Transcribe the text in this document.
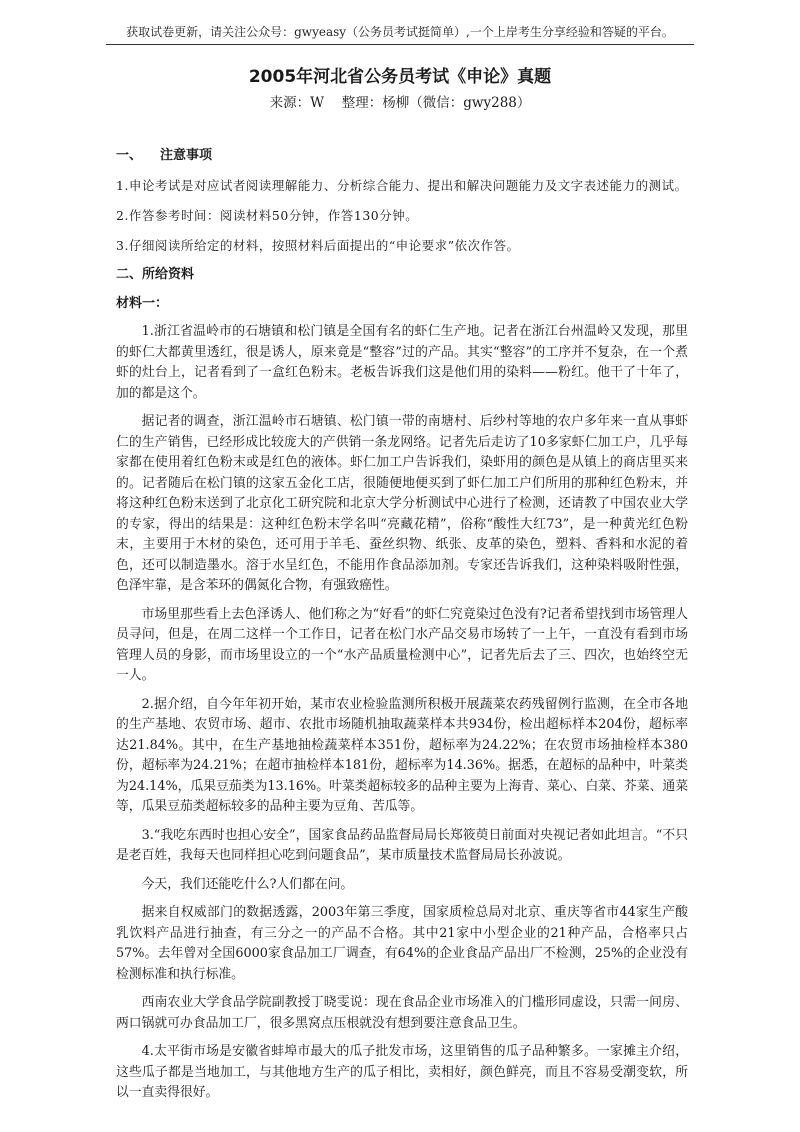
获取试卷更新，请关注公众号：gwyeasy（公务员考试挺简单）,一个上岸考生分享经验和答疑的平台。
2005年河北省公务员考试《申论》真题
来源：W　 整理：杨柳（微信：gwy288）
一、 注意事项

1.申论考试是对应试者阅读理解能力、分析综合能力、提出和解决问题能力及文字表述能力的测试。

2.作答参考时间：阅读材料50分钟，作答130分钟。

3.仔细阅读所给定的材料，按照材料后面提出的“申论要求”依次作答。

二、所给资料
材料一：

1.浙江省温岭市的石塘镇和松门镇是全国有名的虾仁生产地。记者在浙江台州温岭又发现，那里的虾仁大都黄里透红，很是诱人，原来竟是“整容”过的产品。其实“整容”的工序并不复杂，在一个煮虾的灶台上，记者看到了一盒红色粉末。老板告诉我们这是他们用的染料——粉红。他干了十年了，加的都是这个。

据记者的调查，浙江温岭市石塘镇、松门镇一带的南塘村、后纱村等地的农户多年来一直从事虾仁的生产销售，已经形成比较庞大的产供销一条龙网络。记者先后走访了10多家虾仁加工户，几乎每家都在使用着红色粉末或是红色的液体。虾仁加工户告诉我们，染虾用的颜色是从镇上的商店里买来的。记者随后在松门镇的这家五金化工店，很随便地便买到了虾仁加工户们所用的那种红色粉末，并将这种红色粉末送到了北京化工研究院和北京大学分析测试中心进行了检测，还请教了中国农业大学的专家，得出的结果是：这种红色粉末学名叫“亮藏花精”，俗称“酸性大红73”，是一种黄光红色粉末，主要用于木材的染色，还可用于羊毛、蚕丝织物、纸张、皮革的染色，塑料、香料和水泥的着色，还可以制造墨水。溶于水呈红色，不能用作食品添加剂。专家还告诉我们，这种染料吸附性强，色泽牢靠，是含苯环的偶氮化合物，有强致癌性。

市场里那些看上去色泽诱人、他们称之为“好看”的虾仁究竟染过色没有?记者希望找到市场管理人员寻问，但是，在周二这样一个工作日，记者在松门水产品交易市场转了一上午，一直没有看到市场管理人员的身影，而市场里设立的一个“水产品质量检测中心”，记者先后去了三、四次，也始终空无一人。

2.据介绍，自今年年初开始，某市农业检验监测所积极开展蔬菜农药残留例行监测，在全市各地的生产基地、农贸市场、超市、农批市场随机抽取蔬菜样本共934份，检出超标样本204份，超标率达21.84%。其中，在生产基地抽检蔬菜样本351份，超标率为24.22%；在农贸市场抽检样本380份，超标率为24.21%；在超市抽检样本181份，超标率为14.36%。据悉，在超标的品种中，叶菜类为24.14%，瓜果豆茄类为13.16%。叶菜类超标较多的品种主要为上海青、菜心、白菜、芥菜、通菜等，瓜果豆茄类超标较多的品种主要为豆角、苦瓜等。

3.“我吃东西时也担心安全”，国家食品药品监督局局长郑筱萸日前面对央视记者如此坦言。“不只是老百姓，我每天也同样担心吃到问题食品”，某市质量技术监督局局长孙波说。

今天，我们还能吃什么?人们都在问。

据来自权威部门的数据透露，2003年第三季度，国家质检总局对北京、重庆等省市44家生产酸乳饮料产品进行抽查，有三分之一的产品不合格。其中21家中小型企业的21种产品，合格率只占57%。去年曾对全国6000家食品加工厂调查，有64%的企业食品产品出厂不检测，25%的企业没有检测标准和执行标准。

西南农业大学食品学院副教授丁晓雯说：现在食品企业市场准入的门槛形同虚设，只需一间房、两口锅就可办食品加工厂，很多黑窝点压根就没有想到要注意食品卫生。

4.太平街市场是安徽省蚌埠市最大的瓜子批发市场，这里销售的瓜子品种繁多。一家摊主介绍，这些瓜子都是当地加工，与其他地方生产的瓜子相比，卖相好，颜色鲜亮，而且不容易受潮变软，所以一直卖得很好。
